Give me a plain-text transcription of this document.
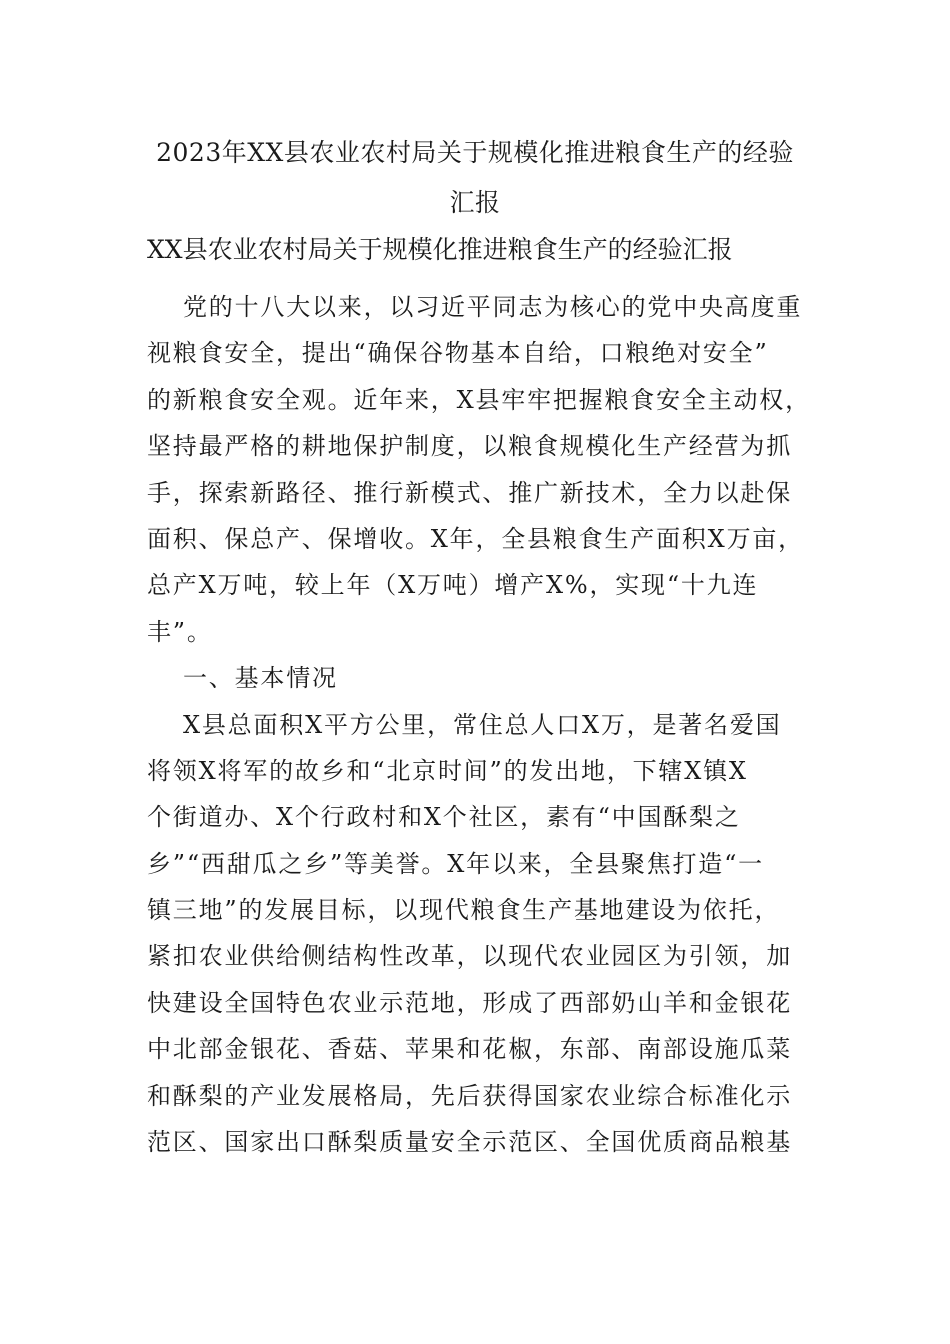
2023年XX县农业农村局关于规模化推进粮食生产的经验
汇报
XX县农业农村局关于规模化推进粮食生产的经验汇报
党的十八大以来，以习近平同志为核心的党中央高度重
视粮食安全，提出“确保谷物基本自给，口粮绝对安全”
的新粮食安全观。近年来，X县牢牢把握粮食安全主动权，
坚持最严格的耕地保护制度，以粮食规模化生产经营为抓
手，探索新路径、推行新模式、推广新技术，全力以赴保
面积、保总产、保增收。X年，全县粮食生产面积X万亩，
总产X万吨，较上年（X万吨）增产X%，实现“十九连
丰”。
一、基本情况
X县总面积X平方公里，常住总人口X万，是著名爱国
将领X将军的故乡和“北京时间”的发出地，下辖X镇X
个街道办、X个行政村和X个社区，素有“中国酥梨之
乡”“西甜瓜之乡”等美誉。X年以来，全县聚焦打造“一
镇三地”的发展目标，以现代粮食生产基地建设为依托，
紧扣农业供给侧结构性改革，以现代农业园区为引领，加
快建设全国特色农业示范地，形成了西部奶山羊和金银花
中北部金银花、香菇、苹果和花椒，东部、南部设施瓜菜
和酥梨的产业发展格局，先后获得国家农业综合标准化示
范区、国家出口酥梨质量安全示范区、全国优质商品粮基
